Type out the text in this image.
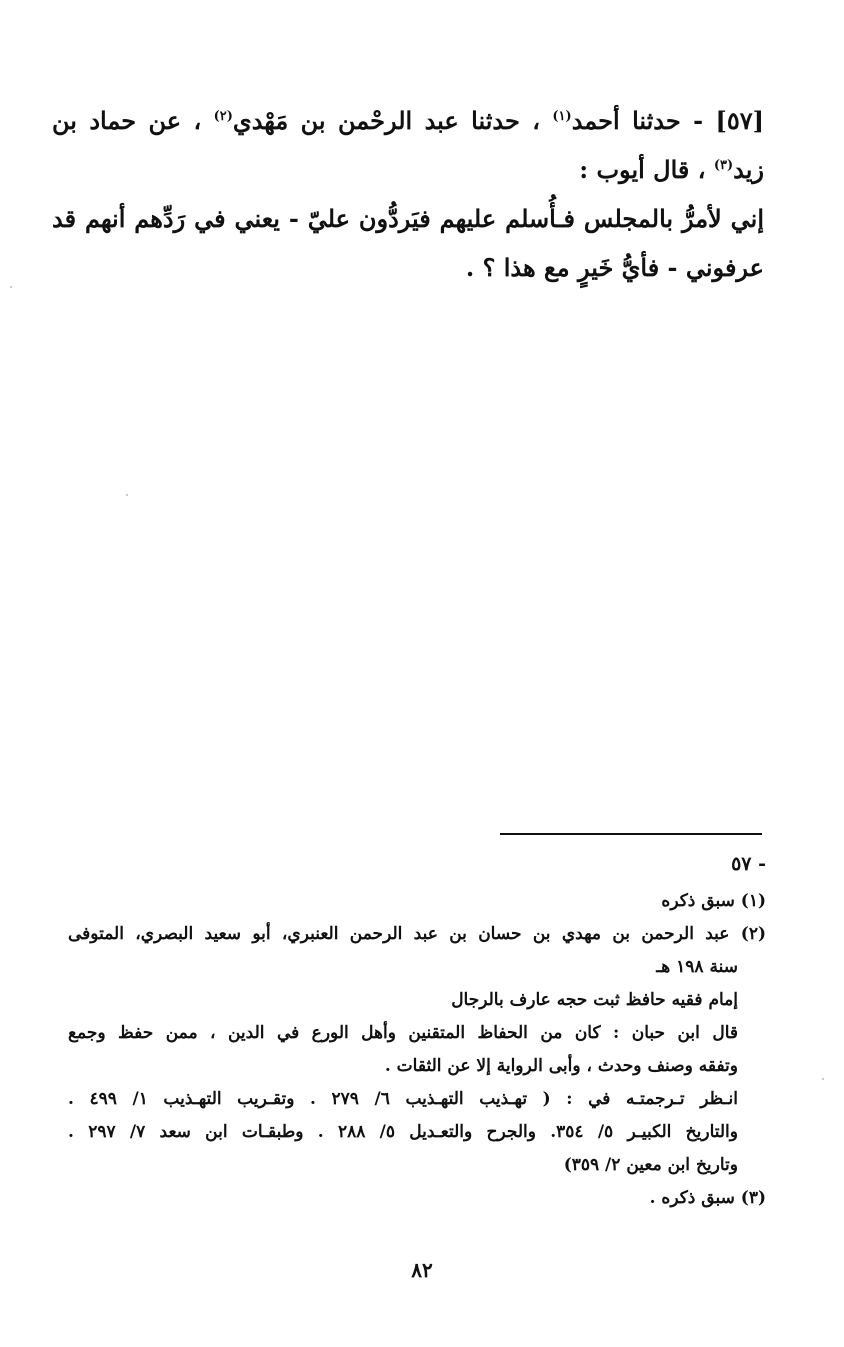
[٥٧] - حدثنا أحمد$^{(١)}$ ، حدثنا عبد الرحْمن بن مَهْدي$^{(٢)}$ ، عن حماد بن زيد$^{(٣)}$ ، قال أيوب :
إني لأمرُّ بالمجلس فـأُسلم عليهم فيَردُّون عليّ - يعني في رَدِّهم أنهم قد عرفوني - فأيُّ خَيرٍ مع هذا ؟ .
- ٥٧
(١) سبق ذكره
(٢) عبد الرحمن بن مهدي بن حسان بن عبد الرحمن العنبري، أبو سعيد البصري، المتوفى
سنة ١٩٨ هـ
إمام فقيه حافظ ثبت حجه عارف بالرجال
قال ابن حبان : كان من الحفاظ المتقنين وأهل الورع في الدين ، ممن حفظ وجمع
وتفقه وصنف وحدث ، وأبى الرواية إلا عن الثقات .
انـظر تـرجمتـه في : ( تهـذيب التهـذيب ٦/ ٢٧٩ . وتقـريب التهـذيب ١/ ٤٩٩ .
والتاريخ الكبيـر ٥/ ٣٥٤. والجرح والتعـديل ٥/ ٢٨٨ . وطبقـات ابن سعد ٧/ ٢٩٧ .
وتاريخ ابن معين ٢/ ٣٥٩)
(٣) سبق ذكره .
٨٢
